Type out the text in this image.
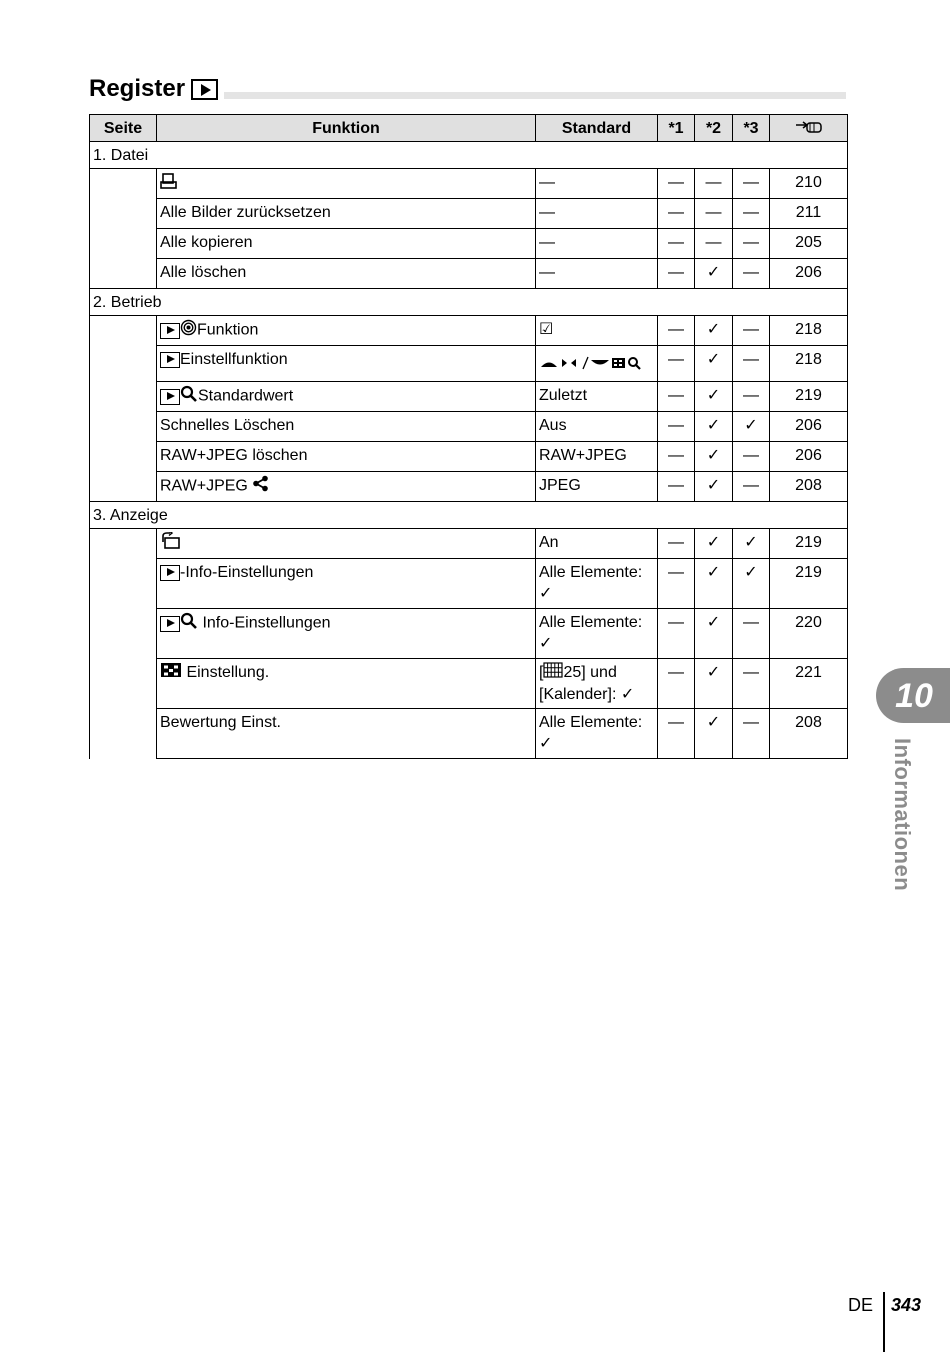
Register
Seite	Funktion	Standard	*1	*2	*3	
1. Datei						
		—	—	—	—	210
	Alle Bilder zurücksetzen	—	—	—	—	211
	Alle kopieren	—	—	—	—	205
	Alle löschen	—	—	✓	—	206
2. Betrieb						
	Funktion	☑	—	✓	—	218
	Einstellfunktion		—	✓	—	218
	Standardwert	Zuletzt	—	✓	—	219
	Schnelles Löschen	Aus	—	✓	✓	206
	RAW+JPEG löschen	RAW+JPEG	—	✓	—	206
	RAW+JPEG	JPEG	—	✓	—	208
3. Anzeige						
		An	—	✓	✓	219
	-Info-Einstellungen	Alle Elemente:
✓	—	✓	✓	219
	Info-Einstellungen	Alle Elemente:
✓	—	✓	—	220
	Einstellung.	[ 25] und
[Kalender]: ✓	—	✓	—	221
	Bewertung Einst.	Alle Elemente:
✓	—	✓	—	208
10
Informationen
DE 343
